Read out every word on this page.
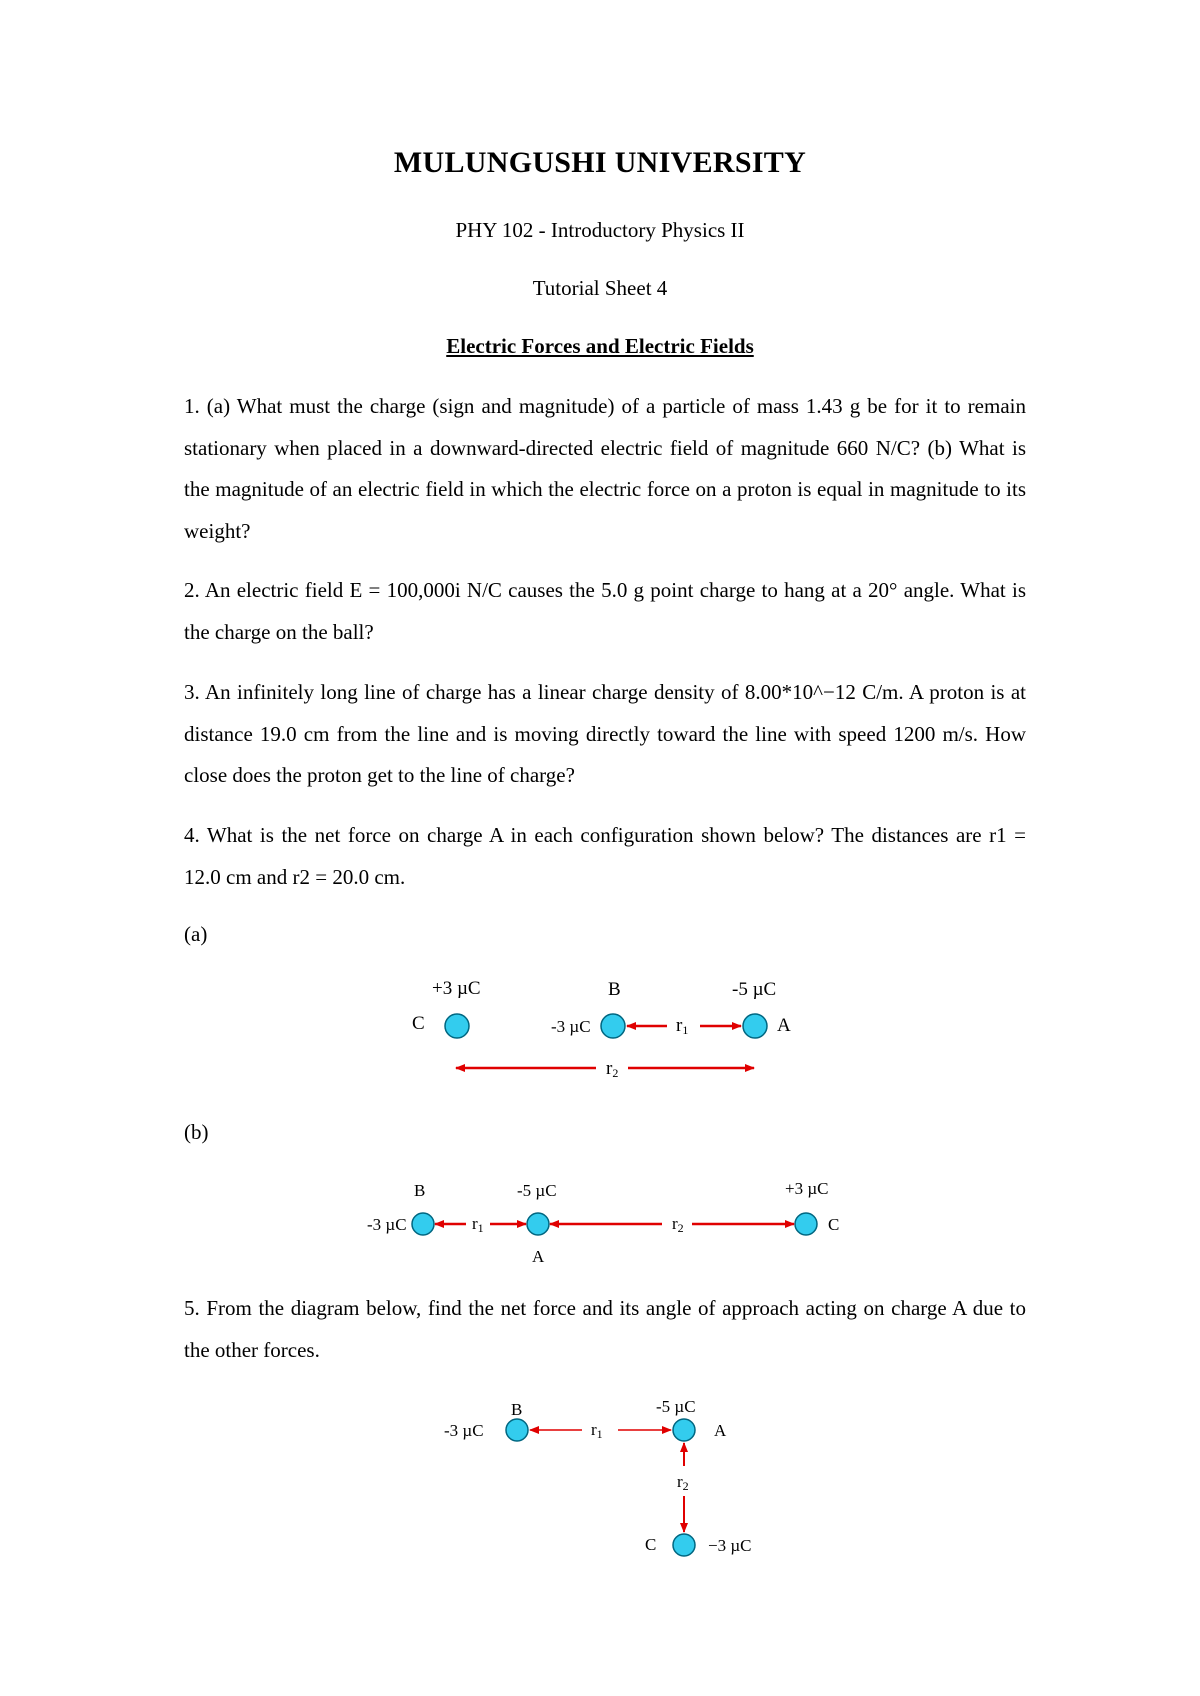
MULUNGUSHI UNIVERSITY
PHY 102 - Introductory Physics II
Tutorial Sheet 4
Electric Forces and Electric Fields

1. (a) What must the charge (sign and magnitude) of a particle of mass 1.43 g be for it to remain stationary when placed in a downward-directed electric field of magnitude 660 N/C? (b) What is the magnitude of an electric field in which the electric force on a proton is equal in magnitude to its weight?

2. An electric field E = 100,000i N/C causes the 5.0 g point charge to hang at a 20° angle. What is the charge on the ball?

3. An infinitely long line of charge has a linear charge density of 8.00*10^−12 C/m. A proton is at distance 19.0 cm from the line and is moving directly toward the line with speed 1200 m/s. How close does the proton get to the line of charge?

4. What is the net force on charge A in each configuration shown below? The distances are r1 = 12.0 cm and r2 = 20.0 cm.

(a)
+3 µC
C
B
-3 µC
-5 µC
A
r1
r2
(b)
B
-3 µC
-5 µC
A
+3 µC
C
r1	r2

5. From the diagram below, find the net force and its angle of approach acting on charge A due to the other forces.

B
-3 µC
-5 µC
A
r1
r2
C	−3 µC
